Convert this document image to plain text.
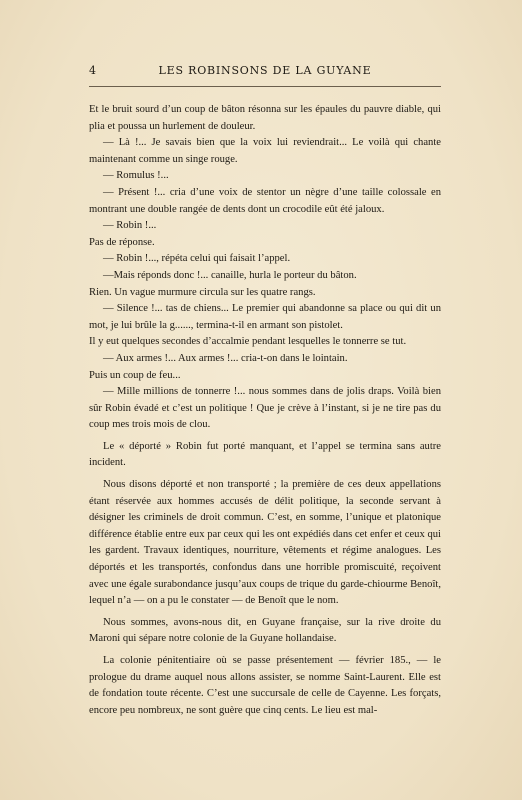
4	LES ROBINSONS DE LA GUYANE

Et le bruit sourd d’un coup de bâton résonna sur les épaules du pauvre diable, qui plia et poussa un hurlement de douleur.

— Là !... Je savais bien que la voix lui reviendrait... Le voilà qui chante maintenant comme un singe rouge.

— Romulus !...

— Présent !... cria d’une voix de stentor un nègre d’une taille colossale en montrant une double rangée de dents dont un crocodile eût été jaloux.

— Robin !...

Pas de réponse.

— Robin !..., répéta celui qui faisait l’appel.

—Mais réponds donc !... canaille, hurla le porteur du bâton.

Rien. Un vague murmure circula sur les quatre rangs.

— Silence !... tas de chiens... Le premier qui abandonne sa place ou qui dit un mot, je lui brûle la g......, termina-t-il en armant son pistolet.

Il y eut quelques secondes d’accalmie pendant lesquelles le tonnerre se tut.

— Aux armes !... Aux armes !... cria-t-on dans le lointain.

Puis un coup de feu...

— Mille millions de tonnerre !... nous sommes dans de jolis draps. Voilà bien sûr Robin évadé et c’est un politique ! Que je crève à l’instant, si je ne tire pas du coup mes trois mois de clou.

Le « déporté » Robin fut porté manquant, et l’appel se termina sans autre incident.

Nous disons déporté et non transporté ; la première de ces deux appellations étant réservée aux hommes accusés de délit politique, la seconde servant à désigner les criminels de droit commun. C’est, en somme, l’unique et platonique différence établie entre eux par ceux qui les ont expédiés dans cet enfer et ceux qui les gardent. Travaux identiques, nourriture, vêtements et régime analogues. Les déportés et les transportés, confondus dans une horrible promiscuité, reçoivent avec une égale surabondance jusqu’aux coups de trique du garde-chiourme Benoît, lequel n’a — on a pu le constater — de Benoît que le nom.

Nous sommes, avons-nous dit, en Guyane française, sur la rive droite du Maroni qui sépare notre colonie de la Guyane hollandaise.

La colonie pénitentiaire où se passe présentement — février 185., — le prologue du drame auquel nous allons assister, se nomme Saint-Laurent. Elle est de fondation toute récente. C’est une succursale de celle de Cayenne. Les forçats, encore peu nombreux, ne sont guère que cinq cents. Le lieu est mal-
